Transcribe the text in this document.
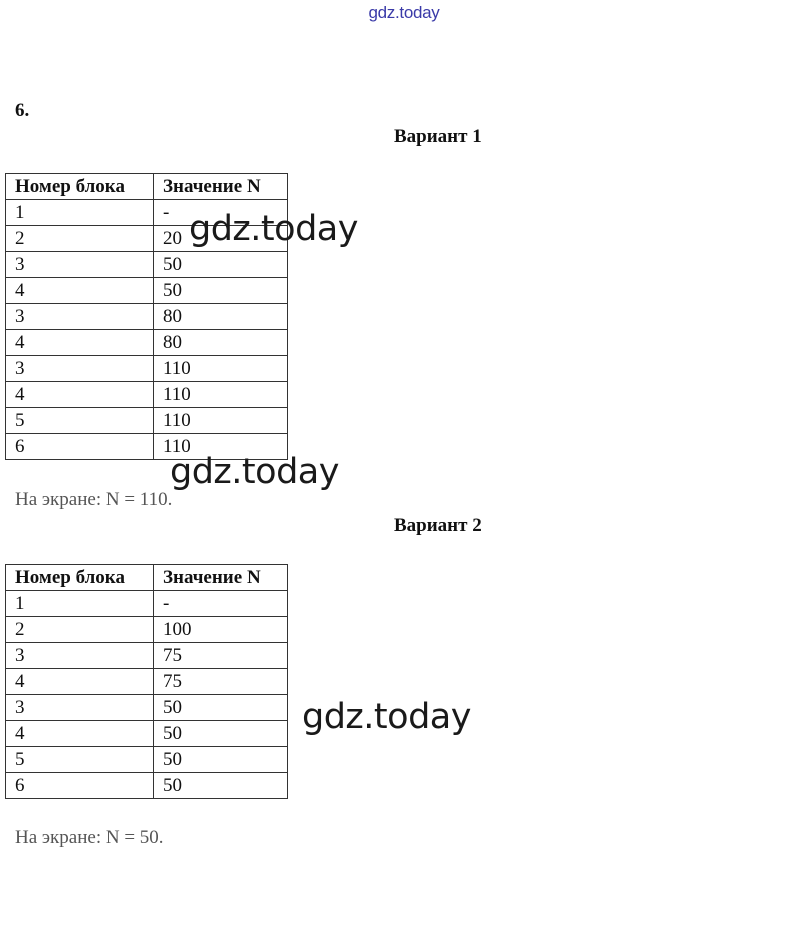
gdz.today
6.
Вариант 1
Номер блока	Значение N
1	-
2	20
3	50
4	50
3	80
4	80
3	110
4	110
5	110
6	110
На экране: N = 110.
Вариант 2
Номер блока	Значение N
1	-
2	100
3	75
4	75
3	50
4	50
5	50
6	50
На экране: N = 50.
gdz.today
gdz.today
gdz.today
